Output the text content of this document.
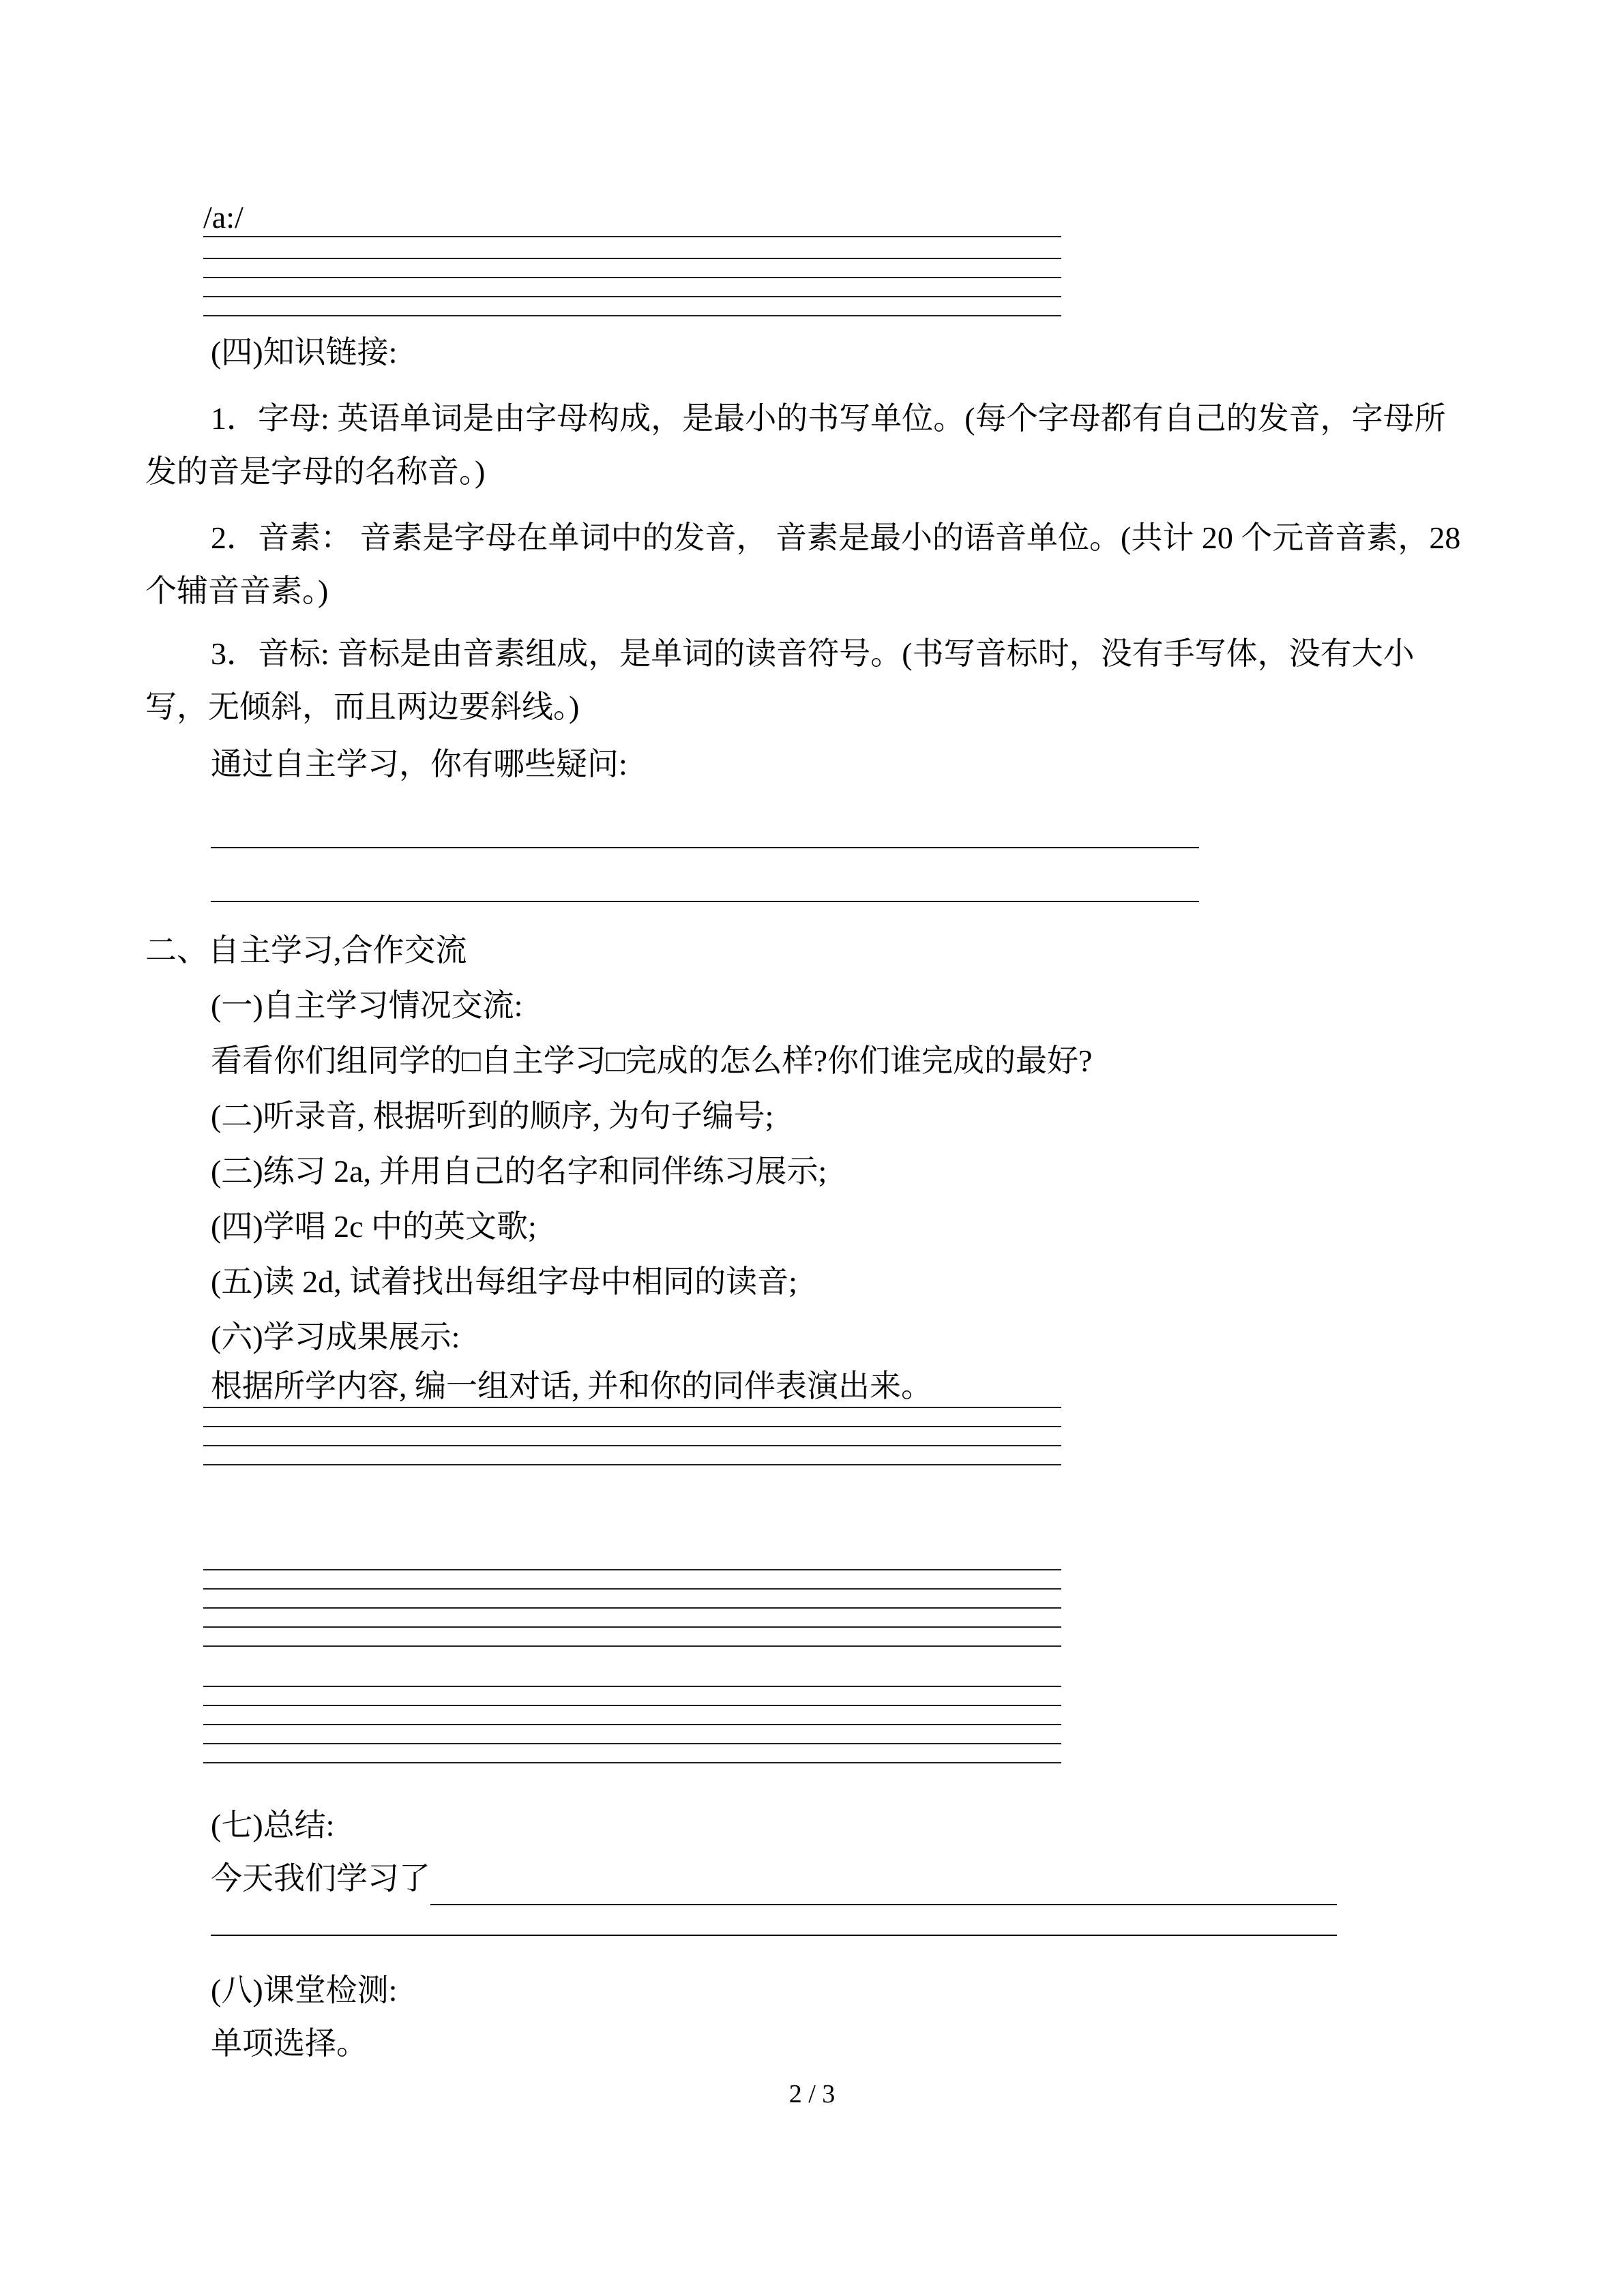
/a:/

(四)知识链接:

1．字母: 英语单词是由字母构成，是最小的书写单位。(每个字母都有自己的发音，字母所发的音是字母的名称音。)

2．音素： 音素是字母在单词中的发音， 音素是最小的语音单位。(共计 20 个元音音素，28 个辅音音素。)

3．音标: 音标是由音素组成，是单词的读音符号。(书写音标时，没有手写体，没有大小写，无倾斜，而且两边要斜线。)

通过自主学习，你有哪些疑问:

二、自主学习,合作交流

(一)自主学习情况交流:

看看你们组同学的□自主学习□完成的怎么样?你们谁完成的最好?

(二)听录音, 根据听到的顺序, 为句子编号;

(三)练习 2a, 并用自己的名字和同伴练习展示;

(四)学唱 2c 中的英文歌;

(五)读 2d, 试着找出每组字母中相同的读音;

(六)学习成果展示:

根据所学内容, 编一组对话, 并和你的同伴表演出来。

(七)总结:

今天我们学习了

(八)课堂检测:

单项选择。

2 / 3
